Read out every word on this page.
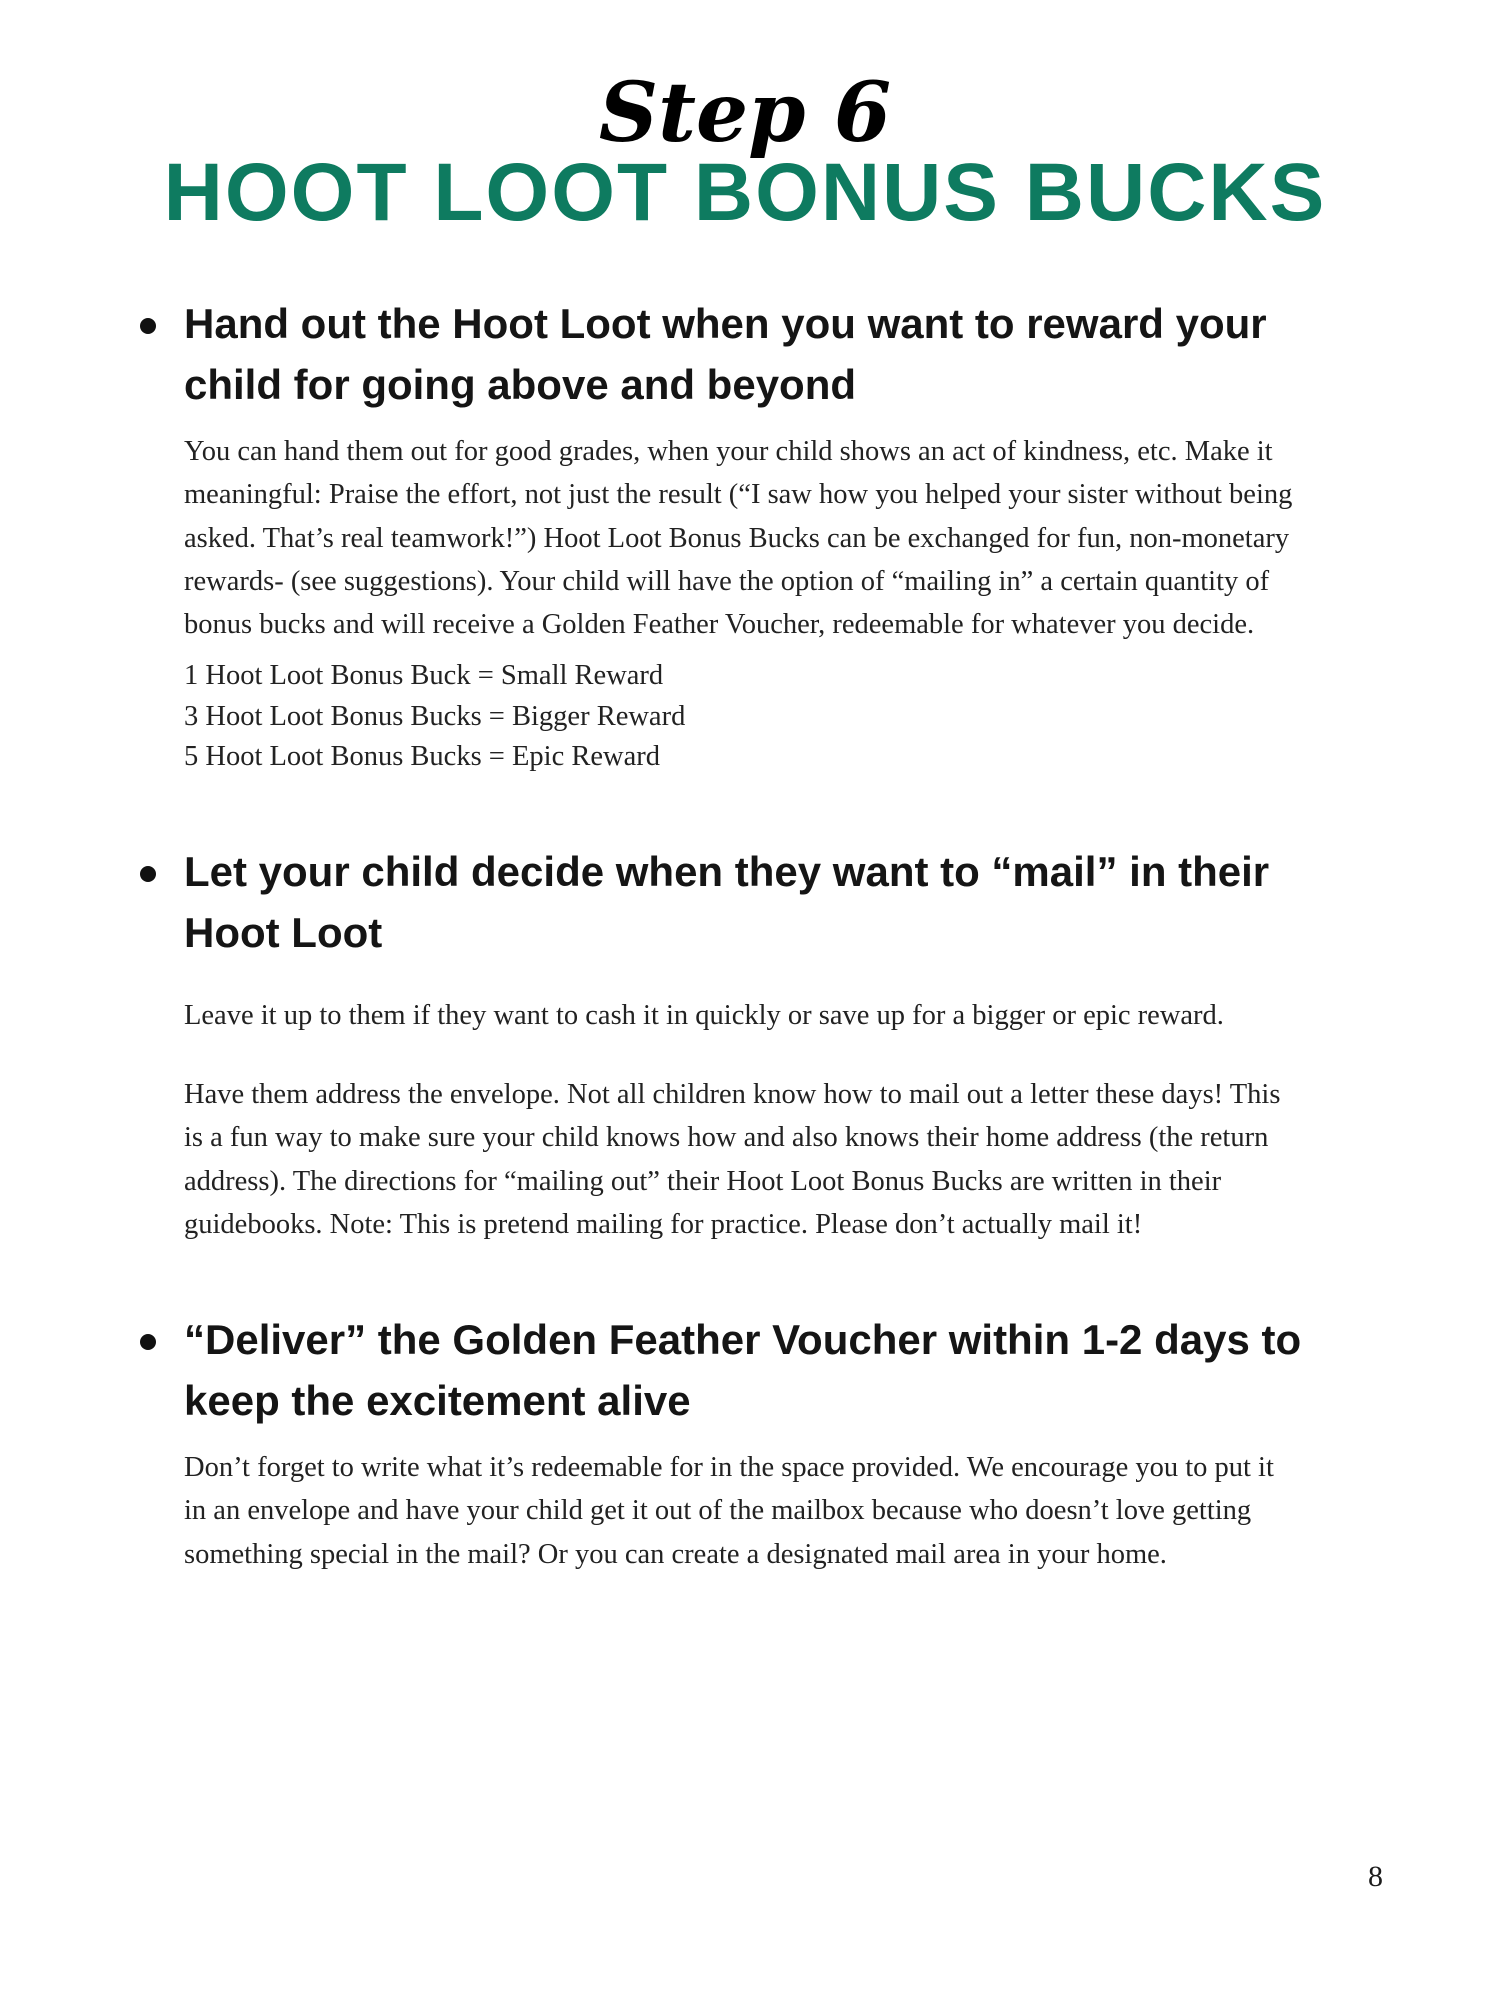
Step 6
HOOT LOOT BONUS BUCKS
Hand out the Hoot Loot when you want to reward your child for going above and beyond

You can hand them out for good grades, when your child shows an act of kindness, etc. Make it meaningful: Praise the effort, not just the result (“I saw how you helped your sister without being asked. That’s real teamwork!”) Hoot Loot Bonus Bucks can be exchanged for fun, non-monetary rewards- (see suggestions). Your child will have the option of “mailing in” a certain quantity of bonus bucks and will receive a Golden Feather Voucher, redeemable for whatever you decide.

1 Hoot Loot Bonus Buck = Small Reward
3 Hoot Loot Bonus Bucks = Bigger Reward
5 Hoot Loot Bonus Bucks = Epic Reward
Let your child decide when they want to “mail” in their Hoot Loot

Leave it up to them if they want to cash it in quickly or save up for a bigger or epic reward.

Have them address the envelope. Not all children know how to mail out a letter these days! This is a fun way to make sure your child knows how and also knows their home address (the return address). The directions for “mailing out” their Hoot Loot Bonus Bucks are written in their guidebooks. Note: This is pretend mailing for practice. Please don’t actually mail it!

“Deliver” the Golden Feather Voucher within 1-2 days to keep the excitement alive

Don’t forget to write what it’s redeemable for in the space provided. We encourage you to put it in an envelope and have your child get it out of the mailbox because who doesn’t love getting something special in the mail? Or you can create a designated mail area in your home.

8
